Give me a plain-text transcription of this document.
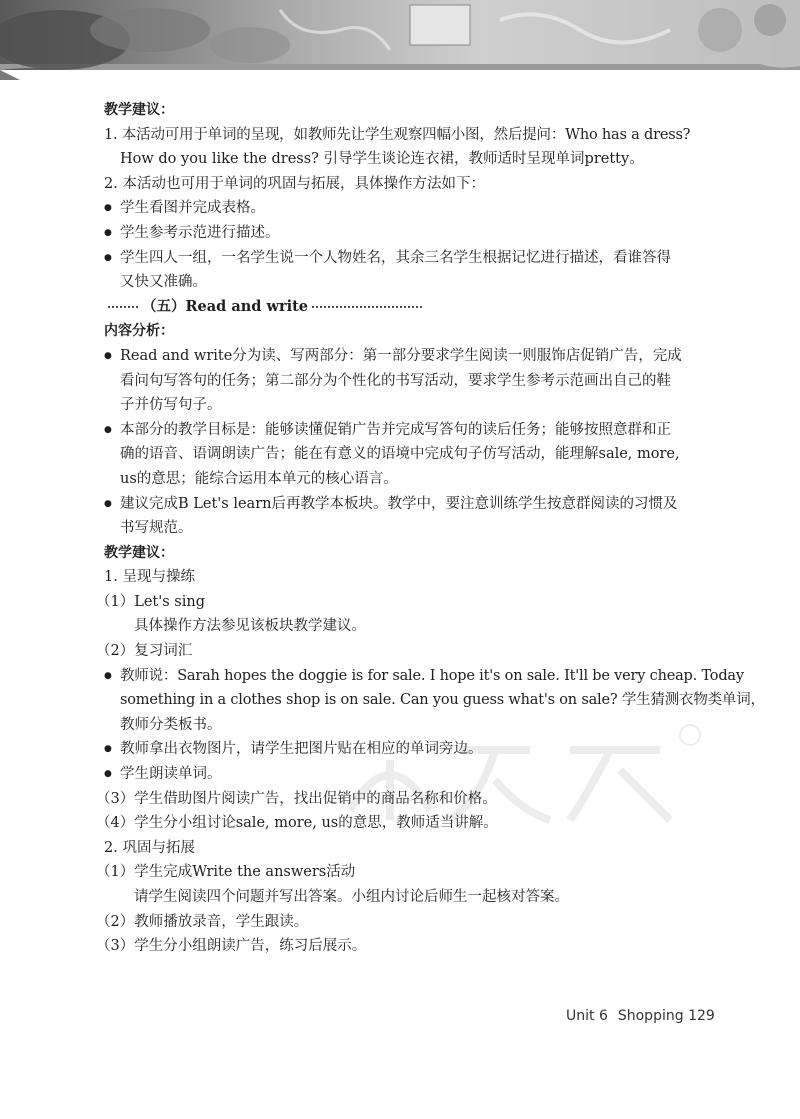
教学建议：
1. 本活动可用于单词的呈现，如教师先让学生观察四幅小图，然后提问：Who has a dress?
How do you like the dress? 引导学生谈论连衣裙，教师适时呈现单词pretty。
2. 本活动也可用于单词的巩固与拓展，具体操作方法如下：
● 学生看图并完成表格。
● 学生参考示范进行描述。
● 学生四人一组，一名学生说一个人物姓名，其余三名学生根据记忆进行描述，看谁答得
又快又准确。
（五）Read and write
内容分析：
● Read and write分为读、写两部分：第一部分要求学生阅读一则服饰店促销广告，完成
看问句写答句的任务；第二部分为个性化的书写活动，要求学生参考示范画出自己的鞋
子并仿写句子。
● 本部分的教学目标是：能够读懂促销广告并完成写答句的读后任务；能够按照意群和正
确的语音、语调朗读广告；能在有意义的语境中完成句子仿写活动，能理解sale, more,
us的意思；能综合运用本单元的核心语言。
● 建议完成B Let's learn后再教学本板块。教学中，要注意训练学生按意群阅读的习惯及
书写规范。
教学建议：
1. 呈现与操练
（1）Let's sing
具体操作方法参见该板块教学建议。
（2）复习词汇
● 教师说：Sarah hopes the doggie is for sale. I hope it's on sale. It'll be very cheap. Today
something in a clothes shop is on sale. Can you guess what's on sale? 学生猜测衣物类单词，
教师分类板书。
● 教师拿出衣物图片，请学生把图片贴在相应的单词旁边。
● 学生朗读单词。
（3）学生借助图片阅读广告，找出促销中的商品名称和价格。
（4）学生分小组讨论sale, more, us的意思，教师适当讲解。
2. 巩固与拓展
（1）学生完成Write the answers活动
请学生阅读四个问题并写出答案。小组内讨论后师生一起核对答案。
（2）教师播放录音，学生跟读。
（3）学生分小组朗读广告，练习后展示。
Unit 6 Shopping 129
